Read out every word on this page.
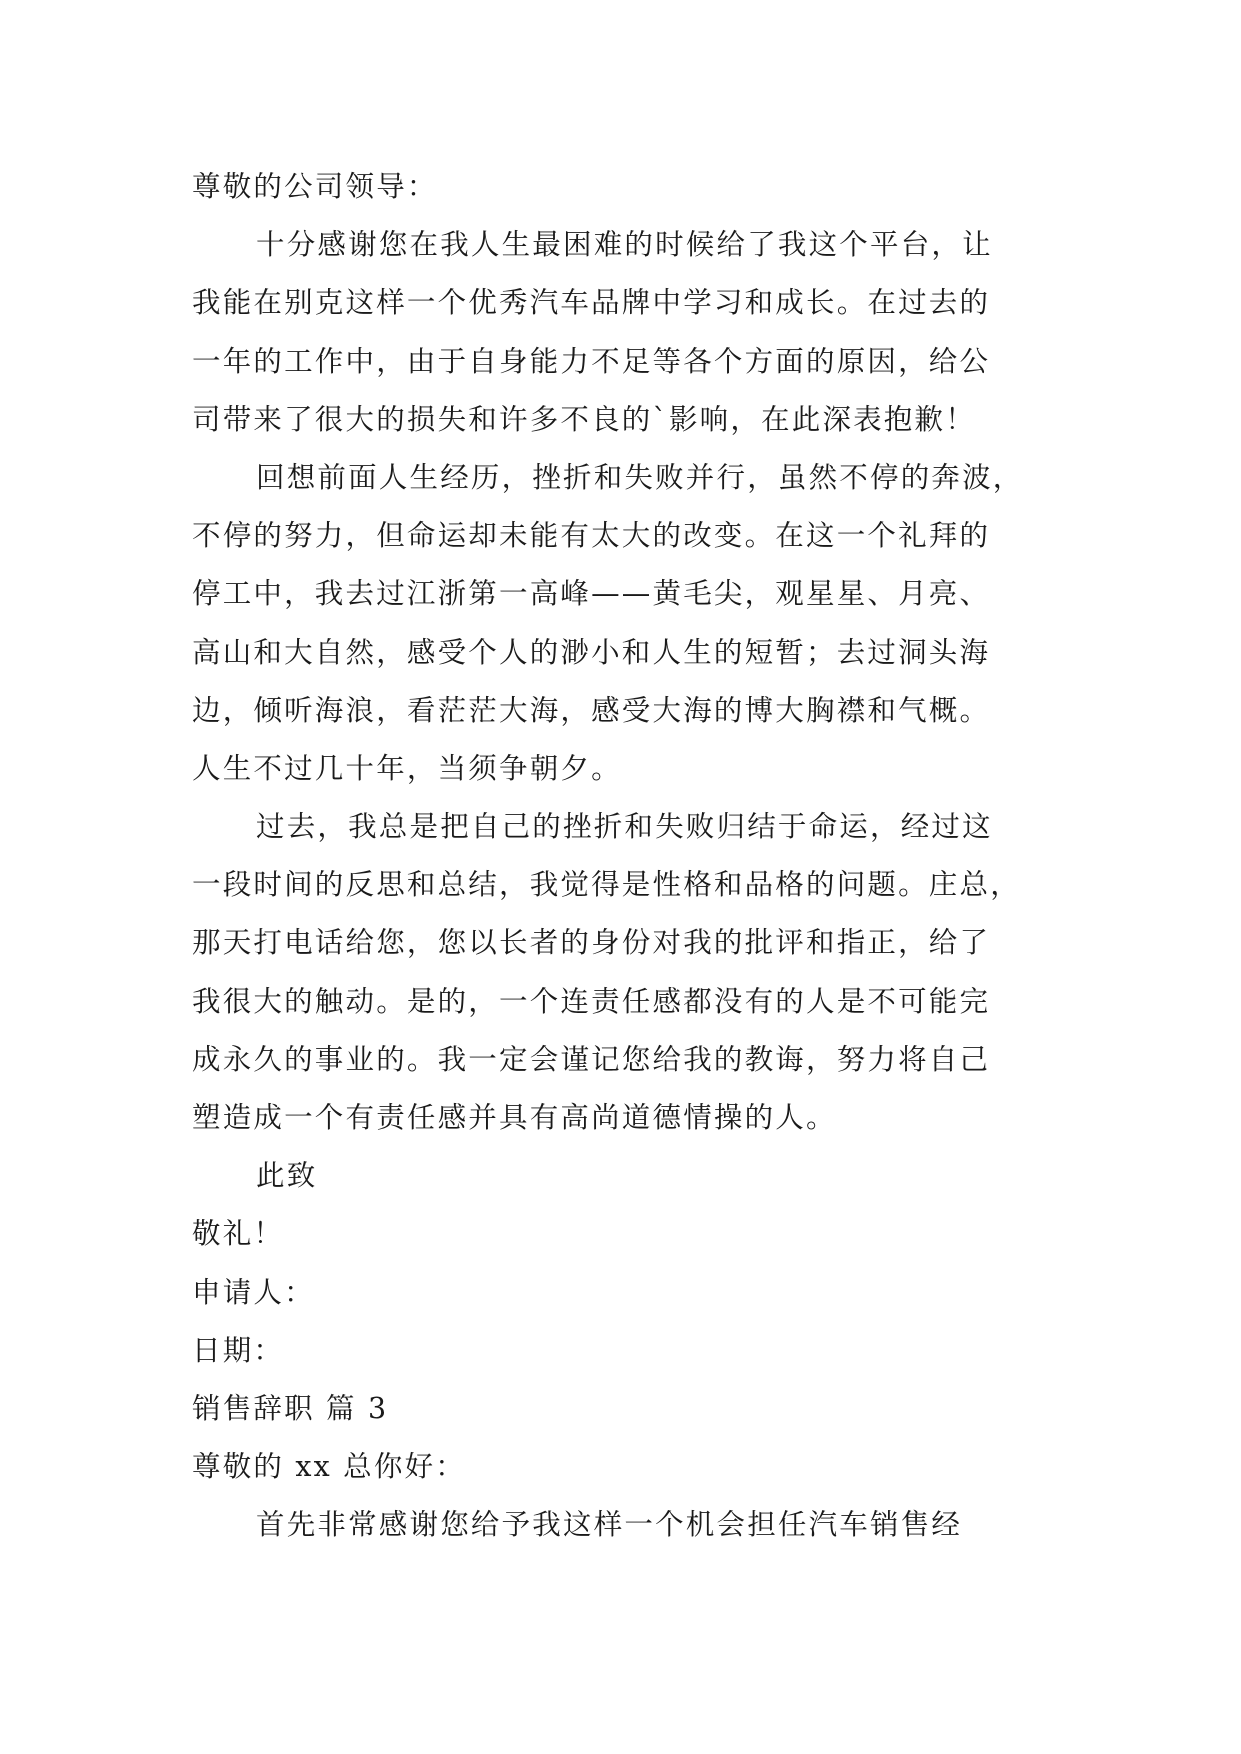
尊敬的公司领导：
十分感谢您在我人生最困难的时候给了我这个平台，让
我能在别克这样一个优秀汽车品牌中学习和成长。在过去的
一年的工作中，由于自身能力不足等各个方面的原因，给公
司带来了很大的损失和许多不良的`影响，在此深表抱歉！
回想前面人生经历，挫折和失败并行，虽然不停的奔波，
不停的努力，但命运却未能有太大的改变。在这一个礼拜的
停工中，我去过江浙第一高峰——黄毛尖，观星星、月亮、
高山和大自然，感受个人的渺小和人生的短暂；去过洞头海
边，倾听海浪，看茫茫大海，感受大海的博大胸襟和气概。
人生不过几十年，当须争朝夕。
过去，我总是把自己的挫折和失败归结于命运，经过这
一段时间的反思和总结，我觉得是性格和品格的问题。庄总，
那天打电话给您，您以长者的身份对我的批评和指正，给了
我很大的触动。是的，一个连责任感都没有的人是不可能完
成永久的事业的。我一定会谨记您给我的教诲，努力将自己
塑造成一个有责任感并具有高尚道德情操的人。
此致
敬礼！
申请人：
日期：
销售辞职 篇 3
尊敬的 xx 总你好：
首先非常感谢您给予我这样一个机会担任汽车销售经
